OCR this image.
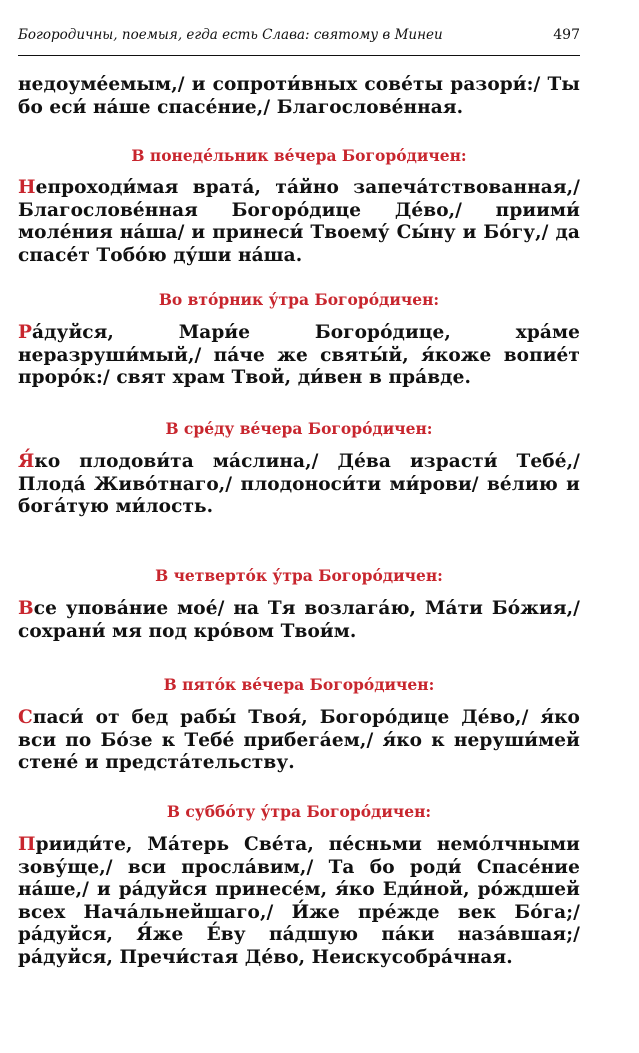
Богородичны, поемыя, егда есть Слава: святому в Минеи	497
недоуме́емым,/ и сопроти́вных сове́ты разори́:/ Ты бо еси́ на́ше спасе́ние,/ Благослове́нная.
В понеде́льник ве́чера Богоро́дичен:
Непроходи́мая врата́, та́йно запеча́тствованная,/ Благослове́нная Богоро́дице Де́во,/ приими́ моле́ния на́ша/ и принеси́ Твоему́ Сы́ну и Бо́гу,/ да спасе́т Тобо́ю ду́ши на́ша.
Во вто́рник у́тра Богоро́дичен:
Ра́дуйся, Мари́е Богоро́дице, хра́ме неразруши́мый,/ па́че же святы́й, я́коже вопие́т проро́к:/ свят храм Твой, ди́вен в пра́вде.
В сре́ду ве́чера Богоро́дичен:
Я́ко плодови́та ма́слина,/ Де́ва израсти́ Тебе́,/ Плода́ Живо́тнаго,/ плодоноси́ти ми́рови/ ве́лию и бога́тую ми́лость.
В четверто́к у́тра Богоро́дичен:
Все упова́ние мое́/ на Тя возлага́ю, Ма́ти Бо́жия,/ сохрани́ мя под кро́вом Твои́м.
В пято́к ве́чера Богоро́дичен:
Спаси́ от бед рабы́ Твоя́, Богоро́дице Де́во,/ я́ко вси по Бо́зе к Тебе́ прибега́ем,/ я́ко к неруши́мей стене́ и предста́тельству.
В суббо́ту у́тра Богоро́дичен:
Прииди́те, Ма́терь Све́та, пе́сньми немо́лчными зову́ще,/ вси просла́вим,/ Та бо роди́ Спасе́ние на́ше,/ и ра́дуйся принесе́м, я́ко Еди́ной, ро́ждшей всех Нача́льнейшаго,/ И́же пре́жде век Бо́га;/ ра́дуйся, Я́же Е́ву па́дшую па́ки наза́вшая;/ ра́дуйся, Пречи́стая Де́во, Неискусобра́чная.
